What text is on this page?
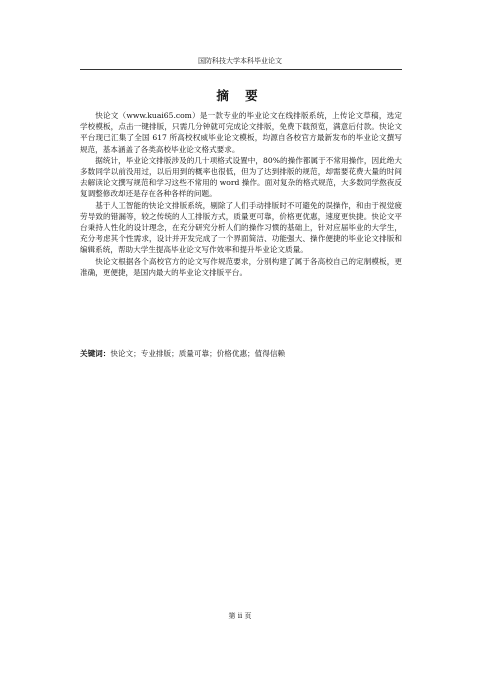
国防科技大学本科毕业论文
摘 要

快论文（www.kuai65.com）是一款专业的毕业论文在线排版系统，上传论文草稿，选定学校模板，点击一键排版，只需几分钟就可完成论文排版，免费下载预览，满意后付款。快论文平台现已汇集了全国 617 所高校权威毕业论文模板，均源自各校官方最新发布的毕业论文撰写规范，基本涵盖了各类高校毕业论文格式要求。

据统计，毕业论文排版涉及的几十项格式设置中，80%的操作都属于不常用操作，因此绝大多数同学以前没用过，以后用到的概率也很低，但为了达到排版的规范，却需要花费大量的时间去解读论文撰写规范和学习这些不常用的 word 操作。面对复杂的格式规范，大多数同学熬夜反复调整修改却还是存在各种各样的问题。

基于人工智能的快论文排版系统，剔除了人们手动排版时不可避免的误操作，和由于视觉疲劳导致的错漏等，较之传统的人工排版方式，质量更可靠，价格更优惠，速度更快捷。快论文平台秉持人性化的设计理念，在充分研究分析人们的操作习惯的基础上，针对应届毕业的大学生，充分考虑其个性需求，设计并开发完成了一个界面简洁、功能强大、操作便捷的毕业论文排版和编辑系统，帮助大学生提高毕业论文写作效率和提升毕业论文质量。

快论文根据各个高校官方的论文写作规范要求，分别构建了属于各高校自己的定制模板，更准确，更便捷，是国内最大的毕业论文排版平台。

关键词：快论文；专业排版；质量可靠；价格优惠；值得信赖
第 ii 页
